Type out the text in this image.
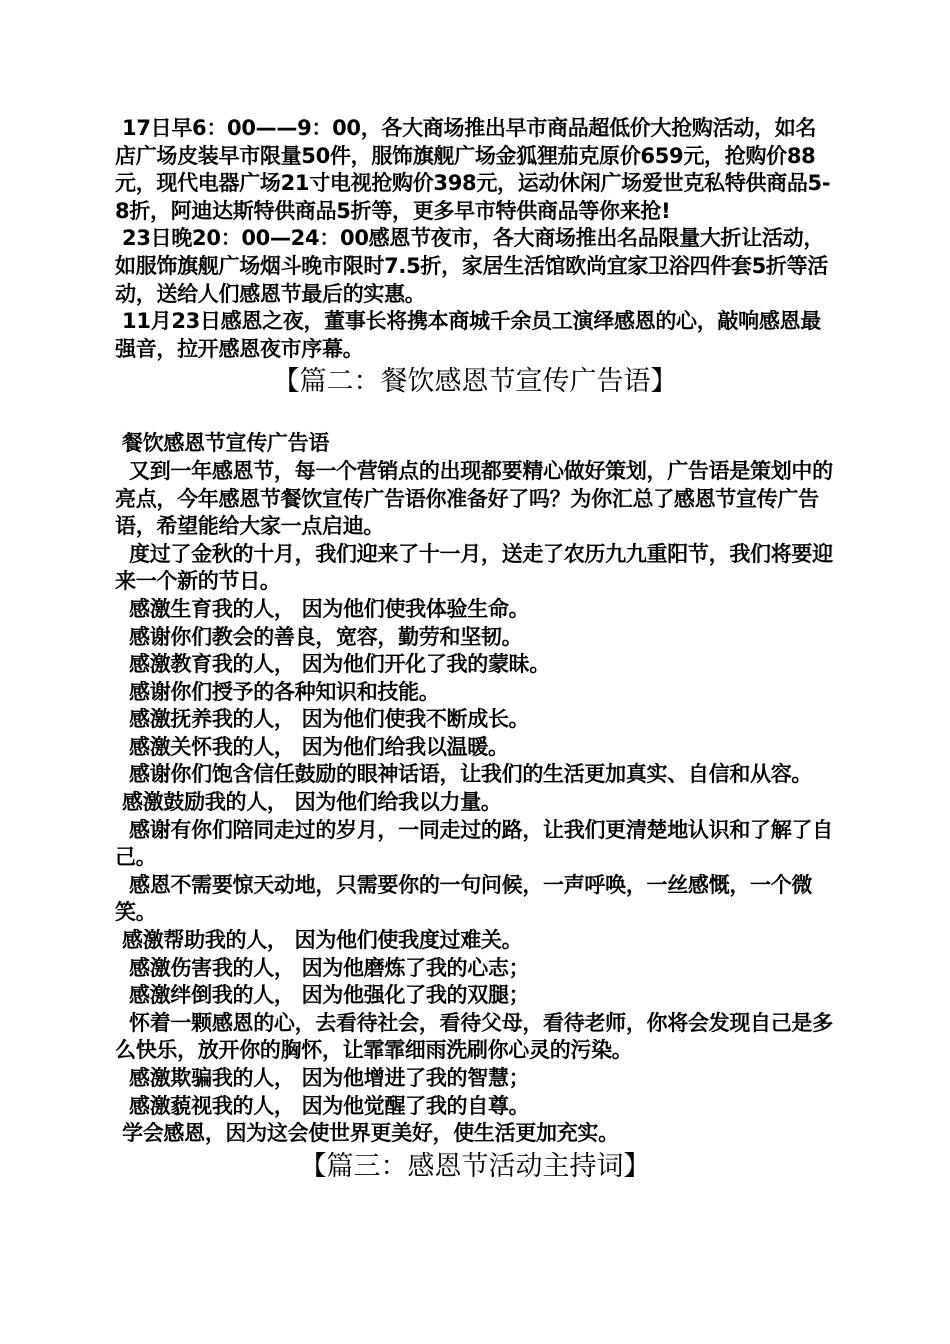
17日早6：00——9：00，各大商场推出早市商品超低价大抢购活动，如名店广场皮装早市限量50件，服饰旗舰广场金狐狸茄克原价659元，抢购价88元，现代电器广场21寸电视抢购价398元，运动休闲广场爱世克私特供商品5-8折，阿迪达斯特供商品5折等，更多早市特供商品等你来抢!

23日晚20：00—24：00感恩节夜市，各大商场推出名品限量大折让活动，如服饰旗舰广场烟斗晚市限时7.5折，家居生活馆欧尚宜家卫浴四件套5折等活动，送给人们感恩节最后的实惠。

11月23日感恩之夜，董事长将携本商城千余员工演绎感恩的心，敲响感恩最强音，拉开感恩夜市序幕。

【篇二：餐饮感恩节宣传广告语】

餐饮感恩节宣传广告语

又到一年感恩节，每一个营销点的出现都要精心做好策划，广告语是策划中的亮点，今年感恩节餐饮宣传广告语你准备好了吗？为你汇总了感恩节宣传广告语，希望能给大家一点启迪。

度过了金秋的十月，我们迎来了十一月，送走了农历九九重阳节，我们将要迎来一个新的节日。

感激生育我的人， 因为他们使我体验生命。

感谢你们教会的善良，宽容，勤劳和坚韧。

感激教育我的人， 因为他们开化了我的蒙昧。

感谢你们授予的各种知识和技能。

感激抚养我的人， 因为他们使我不断成长。

感激关怀我的人， 因为他们给我以温暖。

感谢你们饱含信任鼓励的眼神话语，让我们的生活更加真实、自信和从容。

感激鼓励我的人， 因为他们给我以力量。

感谢有你们陪同走过的岁月，一同走过的路，让我们更清楚地认识和了解了自己。

感恩不需要惊天动地，只需要你的一句问候，一声呼唤，一丝感慨，一个微笑。

感激帮助我的人， 因为他们使我度过难关。

感激伤害我的人， 因为他磨炼了我的心志；

感激绊倒我的人， 因为他强化了我的双腿；

怀着一颗感恩的心，去看待社会，看待父母，看待老师，你将会发现自己是多么快乐，放开你的胸怀，让霏霏细雨洗刷你心灵的污染。

感激欺骗我的人， 因为他增进了我的智慧；

感激藐视我的人， 因为他觉醒了我的自尊。

学会感恩，因为这会使世界更美好，使生活更加充实。

【篇三：感恩节活动主持词】
